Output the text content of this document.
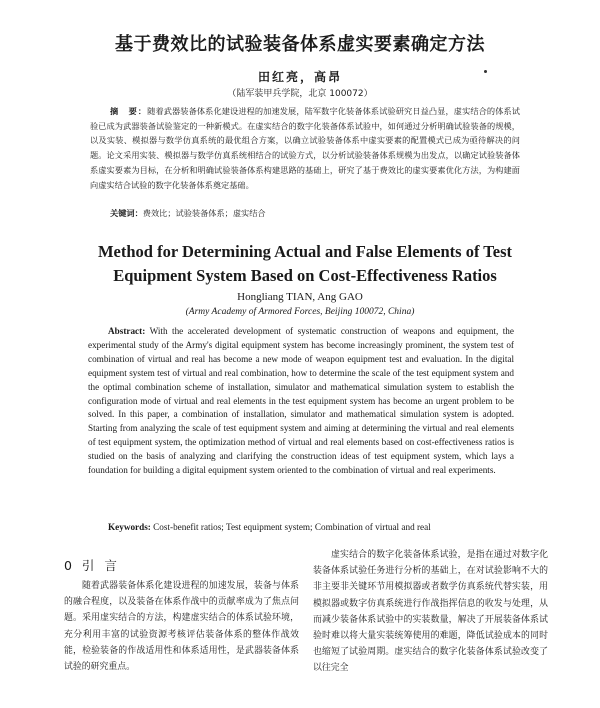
基于费效比的试验装备体系虚实要素确定方法
田红亮，高昂
（陆军装甲兵学院，北京 100072）
摘　要：随着武器装备体系化建设进程的加速发展，陆军数字化装备体系试验研究日益凸显，虚实结合的体系试验已成为武器装备试验鉴定的一种新模式。在虚实结合的数字化装备体系试验中，如何通过分析明确试验装备的规模，以及实装、模拟器与数学仿真系统的最优组合方案，以确立试验装备体系中虚实要素的配置模式已成为亟待解决的问题。论文采用实装、模拟器与数学仿真系统相结合的试验方式，以分析试验装备体系规模为出发点，以确定试验装备体系虚实要素为目标，在分析和明确试验装备体系构建思路的基础上，研究了基于费效比的虚实要素优化方法，为构建面向虚实结合试验的数字化装备体系奠定基础。
关键词：费效比；试验装备体系；虚实结合
Method for Determining Actual and False Elements of Test Equipment System Based on Cost-Effectiveness Ratios
Hongliang TIAN, Ang GAO
(Army Academy of Armored Forces, Beijing 100072, China)
Abstract: With the accelerated development of systematic construction of weapons and equipment, the experimental study of the Army's digital equipment system has become increasingly prominent, the system test of combination of virtual and real has become a new mode of weapon equipment test and evaluation. In the digital equipment system test of virtual and real combination, how to determine the scale of the test equipment system and the optimal combination scheme of installation, simulator and mathematical simulation system to establish the configuration mode of virtual and real elements in the test equipment system has become an urgent problem to be solved. In this paper, a combination of installation, simulator and mathematical simulation system is adopted. Starting from analyzing the scale of test equipment system and aiming at determining the virtual and real elements of test equipment system, the optimization method of virtual and real elements based on cost-effectiveness ratios is studied on the basis of analyzing and clarifying the construction ideas of test equipment system, which lays a foundation for building a digital equipment system oriented to the combination of virtual and real experiments.
Keywords: Cost-benefit ratios; Test equipment system; Combination of virtual and real
0 引 言
随着武器装备体系化建设进程的加速发展，装备与体系的融合程度，以及装备在体系作战中的贡献率成为了焦点问题。采用虚实结合的方法，构建虚实结合的体系试验环境，充分利用丰富的试验资源考核评估装备体系的整体作战效能，检验装备的作战适用性和体系适用性，是武器装备体系试验的研究重点。
虚实结合的数字化装备体系试验，是指在通过对数字化装备体系试验任务进行分析的基础上，在对试验影响不大的非主要非关键环节用模拟器或者数学仿真系统代替实装，用模拟器或数字仿真系统进行作战指挥信息的收发与处理，从而减少装备体系试验中的实装数量，解决了开展装备体系试验时难以将大量实装统筹使用的难题，降低试验成本的同时也缩短了试验周期。虚实结合的数字化装备体系试验改变了以往完全
